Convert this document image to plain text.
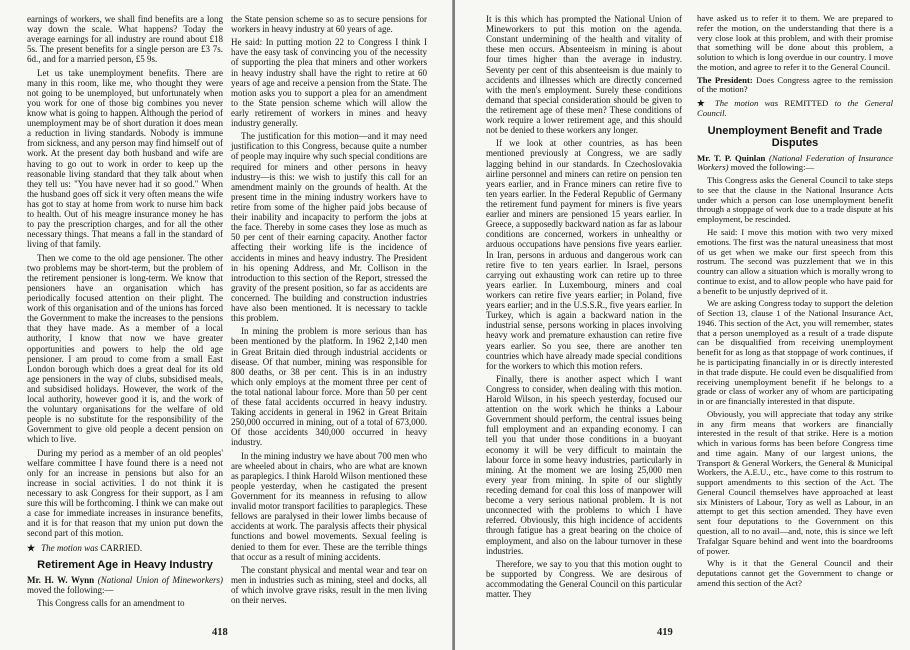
earnings of workers, we shall find benefits are a long way down the scale. What happens? Today the average earnings for all industry are round about £18 5s. The present benefits for a single person are £3 7s. 6d., and for a married person, £5 9s.

Let us take unemployment benefits. There are many in this room, like me, who thought they were not going to be unemployed, but unfortunately when you work for one of those big combines you never know what is going to happen. Although the period of unemployment may be of short duration it does mean a reduction in living standards. Nobody is immune from sickness, and any person may find himself out of work. At the present day both husband and wife are having to go out to work in order to keep up the reasonable living standard that they talk about when they tell us: "You have never had it so good." When the husband goes off sick it very often means the wife has got to stay at home from work to nurse him back to health. Out of his meagre insurance money he has to pay the prescription charges, and for all the other necessary things. That means a fall in the standard of living of that family.

Then we come to the old age pensioner. The other two problems may be short-term, but the problem of the retirement pensioner is long-term. We know that pensioners have an organisation which has periodically focused attention on their plight. The work of this organisation and of the unions has forced the Government to make the increases to the pensions that they have made. As a member of a local authority, I know that now we have greater opportunities and powers to help the old age pensioner. I am proud to come from a small East London borough which does a great deal for its old age pensioners in the way of clubs, subsidised meals, and subsidised holidays. However, the work of the local authority, however good it is, and the work of the voluntary organisations for the welfare of old people is no substitute for the responsibility of the Government to give old people a decent pension on which to live.

During my period as a member of an old peoples' welfare committee I have found there is a need not only for an increase in pensions but also for an increase in social activities. I do not think it is necessary to ask Congress for their support, as I am sure this will be forthcoming. I think we can make out a case for immediate increases in insurance benefits, and it is for that reason that my union put down the second part of this motion.

★ The motion was CARRIED.

Retirement Age in Heavy Industry

Mr. H. W. Wynn (National Union of Mineworkers) moved the following:—

This Congress calls for an amendment to

the State pension scheme so as to secure pensions for workers in heavy industry at 60 years of age.

He said: In putting motion 22 to Congress I think I have the easy task of convincing you of the necessity of supporting the plea that miners and other workers in heavy industry shall have the right to retire at 60 years of age and receive a pension from the State. The motion asks you to support a plea for an amendment to the State pension scheme which will allow the early retirement of workers in mines and heavy industry generally.

The justification for this motion—and it may need justification to this Congress, because quite a number of people may inquire why such special conditions are required for miners and other persons in heavy industry—is this: we wish to justify this call for an amendment mainly on the grounds of health. At the present time in the mining industry workers have to retire from some of the higher paid jobs because of their inability and incapacity to perform the jobs at the face. Thereby in some cases they lose as much as 50 per cent of their earning capacity. Another factor affecting their working life is the incidence of accidents in mines and heavy industry. The President in his opening Address, and Mr. Collison in the introduction to this section of the Report, stressed the gravity of the present position, so far as accidents are concerned. The building and construction industries have also been mentioned. It is necessary to tackle this problem.

In mining the problem is more serious than has been mentioned by the platform. In 1962 2,140 men in Great Britain died through industrial accidents or disease. Of that number, mining was responsible for 800 deaths, or 38 per cent. This is in an industry which only employs at the moment three per cent of the total national labour force. More than 50 per cent of these fatal accidents occurred in heavy industry. Taking accidents in general in 1962 in Great Britain 250,000 occurred in mining, out of a total of 673,000. Of those accidents 340,000 occurred in heavy industry.

In the mining industry we have about 700 men who are wheeled about in chairs, who are what are known as paraplegics. I think Harold Wilson mentioned these people yesterday, when he castigated the present Government for its meanness in refusing to allow invalid motor transport facilities to paraplegics. These fellows are paralysed in their lower limbs because of accidents at work. The paralysis affects their physical functions and bowel movements. Sexual feeling is denied to them for ever. These are the terrible things that occur as a result of mining accidents.

The constant physical and mental wear and tear on men in industries such as mining, steel and docks, all of which involve grave risks, result in the men living on their nerves.

418

It is this which has prompted the National Union of Mineworkers to put this motion on the agenda. Constant undermining of the health and vitality of these men occurs. Absenteeism in mining is about four times higher than the average in industry. Seventy per cent of this absenteeism is due mainly to accidents and illnesses which are directly concerned with the men's employment. Surely these conditions demand that special consideration should be given to the retirement age of these men? These conditions of work require a lower retirement age, and this should not be denied to these workers any longer.

If we look at other countries, as has been mentioned previously at Congress, we are sadly lagging behind in our standards. In Czechoslovakia airline personnel and miners can retire on pension ten years earlier, and in France miners can retire five to ten years earlier. In the Federal Republic of Germany the retirement fund payment for miners is five years earlier and miners are pensioned 15 years earlier. In Greece, a supposedly backward nation as far as labour conditions are concerned, workers in unhealthy or arduous occupations have pensions five years earlier. In Iran, persons in arduous and dangerous work can retire five to ten years earlier. In Israel, persons carrying out exhausting work can retire up to three years earlier. In Luxembourg, miners and coal workers can retire five years earlier; in Poland, five years earlier; and in the U.S.S.R., five years earlier. In Turkey, which is again a backward nation in the industrial sense, persons working in places involving heavy work and premature exhaustion can retire five years earlier. So you see, there are another ten countries which have already made special conditions for the workers to which this motion refers.

Finally, there is another aspect which I want Congress to consider, when dealing with this motion. Harold Wilson, in his speech yesterday, focused our attention on the work which he thinks a Labour Government should perform, the central issues being full employment and an expanding economy. I can tell you that under those conditions in a buoyant economy it will be very difficult to maintain the labour force in some heavy industries, particularly in mining. At the moment we are losing 25,000 men every year from mining. In spite of our slightly receding demand for coal this loss of manpower will become a very serious national problem. It is not unconnected with the problems to which I have referred. Obviously, this high incidence of accidents through fatigue has a great bearing on the choice of employment, and also on the labour turnover in these industries.

Therefore, we say to you that this motion ought to be supported by Congress. We are desirous of accommodating the General Council on this particular matter. They

have asked us to refer it to them. We are prepared to refer the motion, on the understanding that there is a very close look at this problem, and with their promise that something will be done about this problem, a solution to which is long overdue in our country. I move the motion, and agree to refer it to the General Council.

The President: Does Congress agree to the remission of the motion?

★ The motion was REMITTED to the General Council.

Unemployment Benefit and Trade Disputes

Mr. T. P. Quinlan (National Federation of Insurance Workers) moved the following:—

This Congress asks the General Council to take steps to see that the clause in the National Insurance Acts under which a person can lose unemployment benefit through a stoppage of work due to a trade dispute at his employment, be rescinded.

He said: I move this motion with two very mixed emotions. The first was the natural uneasiness that most of us get when we make our first speech from this rostrum. The second was puzzlement that we in this country can allow a situation which is morally wrong to continue to exist, and to allow people who have paid for a benefit to be unjustly deprived of it.

We are asking Congress today to support the deletion of Section 13, clause 1 of the National Insurance Act, 1946. This section of the Act, you will remember, states that a person unemployed as a result of a trade dispute can be disqualified from receiving unemployment benefit for as long as that stoppage of work continues, if he is participating financially in or is directly interested in that trade dispute. He could even be disqualified from receiving unemployment benefit if he belongs to a grade or class of worker any of whom are participating in or are financially interested in that dispute.

Obviously, you will appreciate that today any strike in any firm means that workers are financially interested in the result of that strike. Here is a motion which in various forms has been before Congress time and time again. Many of our largest unions, the Transport & General Workers, the General & Municipal Workers, the A.E.U., etc., have come to this rostrum to support amendments to this section of the Act. The General Council themselves have approached at least six Ministers of Labour, Tory as well as Labour, in an attempt to get this section amended. They have even sent four deputations to the Government on this question, all to no avail—and, note, this is since we left Trafalgar Square behind and went into the boardrooms of power.

Why is it that the General Council and their deputations cannot get the Government to change or amend this section of the Act?

419
